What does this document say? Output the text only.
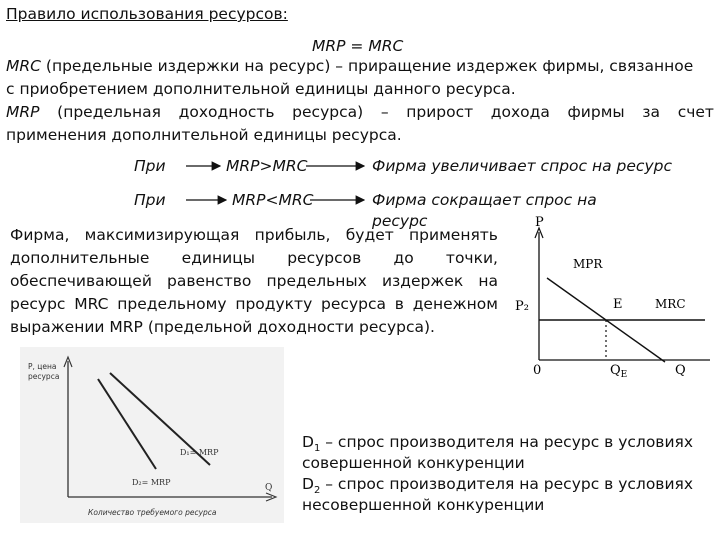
Правило использования ресурсов:
MRP = MRC
MRC (предельные издержки на ресурс) – приращение издержек фирмы, связанное
с приобретением дополнительной единицы данного ресурса.
MRP (предельная доходность ресурса) – прирост дохода фирмы за счет
применения дополнительной единицы ресурса.
При	MRP>MRC	Фирма увеличивает спрос на ресурс
При	MRP<MRC	Фирма сокращает спрос на
ресурс
Фирма, максимизирующая прибыль, будет применять
дополнительные единицы ресурсов до точки,
обеспечивающей равенство предельных издержек на
ресурс MRC предельному продукту ресурса в денежном
выражении MRP (предельной доходности ресурса).
P
MPR
P₂	E	MRC
0	$Q_E$	Q
Р, цена
ресурса
D₁= MRP
D₂= MRP
Q
Количество требуемого ресурса
$D_1$ – спрос производителя на ресурс в условиях
совершенной конкуренции
$D_2$ – спрос производителя на ресурс в условиях
несовершенной конкуренции
